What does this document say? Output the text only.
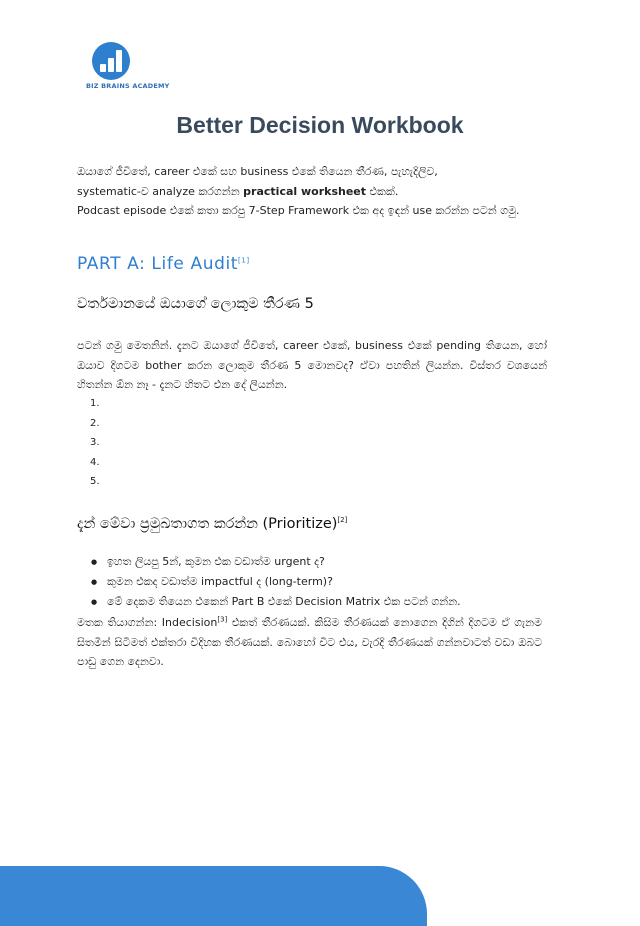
BIZ BRAINS ACADEMY
Better Decision Workbook

ඔයාගේ ජීවිතේ, career එකේ සහ business එකේ තියෙන තීරණ, පැහැදිලිව,
systematic-ව analyze කරගන්න practical worksheet එකක්.
Podcast episode එකේ කතා කරපු 7-Step Framework එක අද ඉඳන් use කරන්න පටන් ගමු.

PART A: Life Audit[1]
වර්තමානයේ ඔයාගේ ලොකුම තීරණ 5

පටන් ගමු මෙතනින්. දැනට ඔයාගේ ජීවිතේ, career එකේ, business එකේ pending තියෙන, හෝ ඔයාව දිගටම bother කරන ලොකුම තීරණ 5 මොනවද? ඒවා පහතින් ලියන්න. විස්තර වශයෙන් හිතන්න ඕන නෑ - දැනට හිතට එන දේ ලියන්න.

1.
2.
3.
4.
5.
දැන් මේවා ප්‍රමුඛතාගත කරන්න (Prioritize)[2]
● ඉහත ලියපු 5න්, කුමන එක වඩාත්ම urgent ද?
● කුමන එකද වඩාත්ම impactful ද (long-term)?
● මේ දෙකම තියෙන එකෙන් Part B එකේ Decision Matrix එක පටන් ගන්න.

මතක තියාගන්න: Indecision[3] එකත් තීරණයක්. කිසිම තීරණයක් නොගෙන දිගින් දිගටම ඒ ගැනම සිතමින් සිටීමත් එක්තරා විදිහක තීරණයක්. බොහෝ විට එය, වැරදි තීරණයක් ගන්නවාටත් වඩා ඔබට පාඩු ගෙන දෙනවා.
